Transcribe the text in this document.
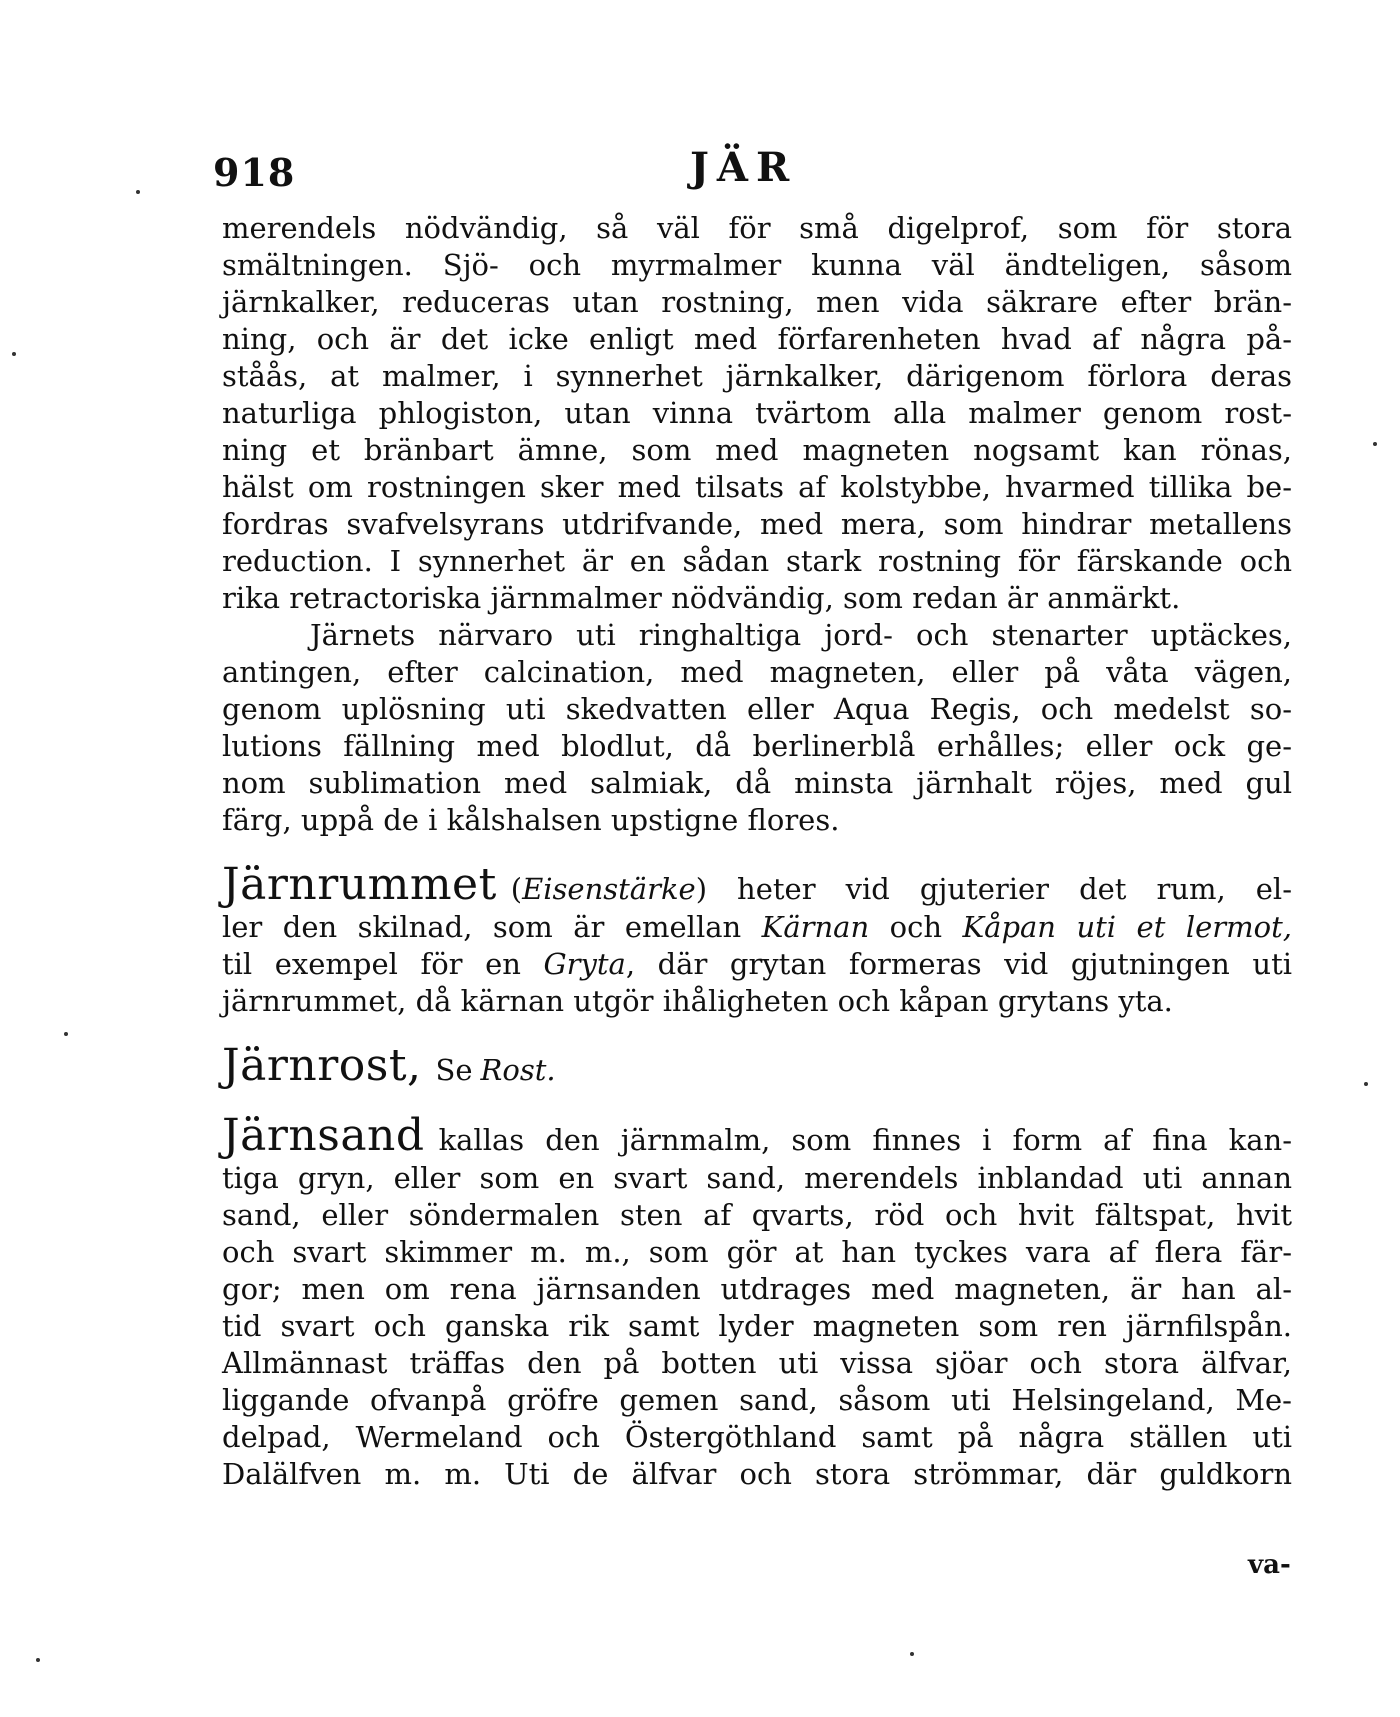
918	JÄR
merendels nödvändig, så väl för små digelprof, som för stora
smältningen. Sjö- och myrmalmer kunna väl ändteligen, såsom
järnkalker, reduceras utan rostning, men vida säkrare efter brän-
ning, och är det icke enligt med förfarenheten hvad af några på-
ståås, at malmer, i synnerhet järnkalker, därigenom förlora deras
naturliga phlogiston, utan vinna tvärtom alla malmer genom rost-
ning et bränbart ämne, som med magneten nogsamt kan rönas,
hälst om rostningen sker med tilsats af kolstybbe, hvarmed tillika be-
fordras svafvelsyrans utdrifvande, med mera, som hindrar metallens
reduction. I synnerhet är en sådan stark rostning för färskande och
rika retractoriska järnmalmer nödvändig, som redan är anmärkt.
Järnets närvaro uti ringhaltiga jord- och stenarter uptäckes,
antingen, efter calcination, med magneten, eller på våta vägen,
genom uplösning uti skedvatten eller Aqua Regis, och medelst so-
lutions fällning med blodlut, då berlinerblå erhålles; eller ock ge-
nom sublimation med salmiak, då minsta järnhalt röjes, med gul
färg, uppå de i kålshalsen upstigne flores.
Järnrummet (Eisenstärke) heter vid gjuterier det rum, el-
ler den skilnad, som är emellan Kärnan och Kåpan uti et lermot,
til exempel för en Gryta, där grytan formeras vid gjutningen uti
järnrummet, då kärnan utgör ihåligheten och kåpan grytans yta.
Järnrost, Se Rost.
Järnsand kallas den järnmalm, som finnes i form af fina kan-
tiga gryn, eller som en svart sand, merendels inblandad uti annan
sand, eller söndermalen sten af qvarts, röd och hvit fältspat, hvit
och svart skimmer m. m., som gör at han tyckes vara af flera fär-
gor; men om rena järnsanden utdrages med magneten, är han al-
tid svart och ganska rik samt lyder magneten som ren järnfilspån.
Allmännast träffas den på botten uti vissa sjöar och stora älfvar,
liggande ofvanpå gröfre gemen sand, såsom uti Helsingeland, Me-
delpad, Wermeland och Östergöthland samt på några ställen uti
Dalälfven m. m. Uti de älfvar och stora strömmar, där guldkorn
va-
